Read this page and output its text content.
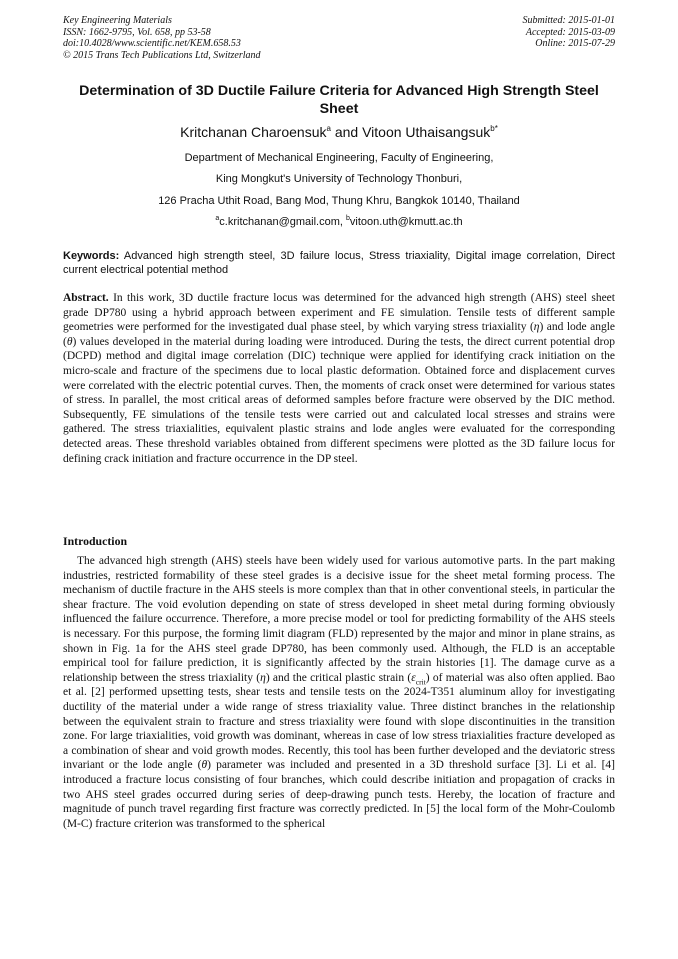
Key Engineering Materials
ISSN: 1662-9795, Vol. 658, pp 53-58
doi:10.4028/www.scientific.net/KEM.658.53
© 2015 Trans Tech Publications Ltd, Switzerland
Submitted: 2015-01-01
Accepted: 2015-03-09
Online: 2015-07-29
Determination of 3D Ductile Failure Criteria for Advanced High Strength Steel Sheet
Kritchanan Charoensuk$^a$ and Vitoon Uthaisangsuk$^{b*}$
Department of Mechanical Engineering, Faculty of Engineering,
King Mongkut's University of Technology Thonburi,
126 Pracha Uthit Road, Bang Mod, Thung Khru, Bangkok 10140, Thailand
$^a$c.kritchanan@gmail.com, $^b$vitoon.uth@kmutt.ac.th
Keywords: Advanced high strength steel, 3D failure locus, Stress triaxiality, Digital image correlation, Direct current electrical potential method
Abstract. In this work, 3D ductile fracture locus was determined for the advanced high strength (AHS) steel sheet grade DP780 using a hybrid approach between experiment and FE simulation. Tensile tests of different sample geometries were performed for the investigated dual phase steel, by which varying stress triaxiality (η) and lode angle (θ) values developed in the material during loading were introduced. During the tests, the direct current potential drop (DCPD) method and digital image correlation (DIC) technique were applied for identifying crack initiation on the micro-scale and fracture of the specimens due to local plastic deformation. Obtained force and displacement curves were correlated with the electric potential curves. Then, the moments of crack onset were determined for various states of stress. In parallel, the most critical areas of deformed samples before fracture were observed by the DIC method. Subsequently, FE simulations of the tensile tests were carried out and calculated local stresses and strains were gathered. The stress triaxialities, equivalent plastic strains and lode angles were evaluated for the corresponding detected areas. These threshold variables obtained from different specimens were plotted as the 3D failure locus for defining crack initiation and fracture occurrence in the DP steel.
Introduction
The advanced high strength (AHS) steels have been widely used for various automotive parts. In the part making industries, restricted formability of these steel grades is a decisive issue for the sheet metal forming process. The mechanism of ductile fracture in the AHS steels is more complex than that in other conventional steels, in particular the shear fracture. The void evolution depending on state of stress developed in sheet metal during forming obviously influenced the failure occurrence. Therefore, a more precise model or tool for predicting formability of the AHS steels is necessary. For this purpose, the forming limit diagram (FLD) represented by the major and minor in plane strains, as shown in Fig. 1a for the AHS steel grade DP780, has been commonly used. Although, the FLD is an acceptable empirical tool for failure prediction, it is significantly affected by the strain histories [1]. The damage curve as a relationship between the stress triaxiality (η) and the critical plastic strain $(\varepsilon_{crit})$ of material was also often applied. Bao et al. [2] performed upsetting tests, shear tests and tensile tests on the 2024-T351 aluminum alloy for investigating ductility of the material under a wide range of stress triaxiality value. Three distinct branches in the relationship between the equivalent strain to fracture and stress triaxiality were found with slope discontinuities in the transition zone. For large triaxialities, void growth was dominant, whereas in case of low stress triaxialities fracture developed as a combination of shear and void growth modes. Recently, this tool has been further developed and the deviatoric stress invariant or the lode angle (θ) parameter was included and presented in a 3D threshold surface [3]. Li et al. [4] introduced a fracture locus consisting of four branches, which could describe initiation and propagation of cracks in two AHS steel grades occurred during series of deep-drawing punch tests. Hereby, the location of fracture and magnitude of punch travel regarding first fracture was correctly predicted. In [5] the local form of the Mohr-Coulomb (M-C) fracture criterion was transformed to the spherical
